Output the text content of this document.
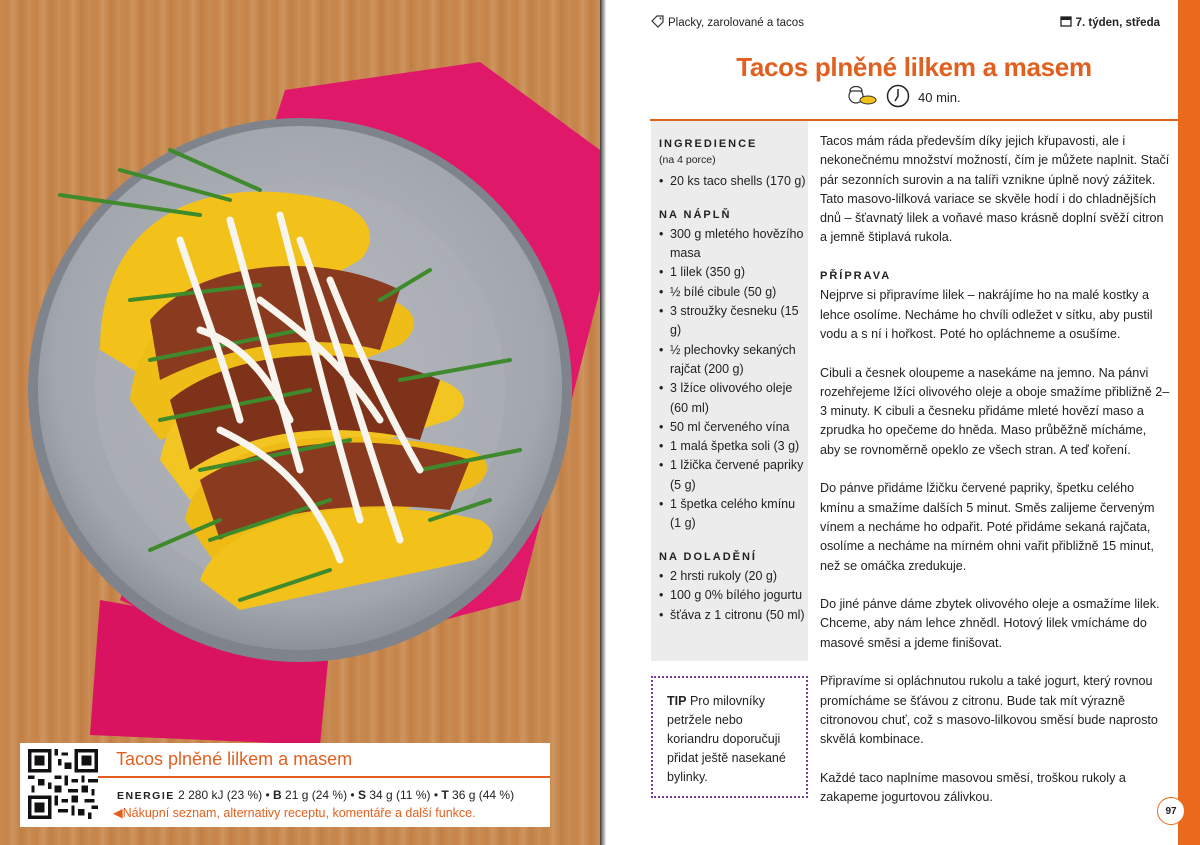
Placky, zarolované a tacos	7. týden, středa
Tacos plněné lilkem a masem
40 min.
INGREDIENCE
(na 4 porce)
• 20 ks taco shells (170 g)
NA NÁPLŇ
• 300 g mletého hovězího masa
• 1 lilek (350 g)
• ½ bílé cibule (50 g)
• 3 stroužky česneku (15 g)
• ½ plechovky sekaných rajčat (200 g)
• 3 lžíce olivového oleje (60 ml)
• 50 ml červeného vína
• 1 malá špetka soli (3 g)
• 1 lžička červené papriky (5 g)
• 1 špetka celého kmínu (1 g)
NA DOLADĚNÍ
• 2 hrsti rukoly (20 g)
• 100 g 0% bílého jogurtu
• šťáva z 1 citronu (50 ml)

Tacos mám ráda především díky jejich křupavosti, ale i nekonečnému množství možností, čím je můžete naplnit. Stačí pár sezonních surovin a na talíři vznikne úplně nový zážitek. Tato masovo-lilková variace se skvěle hodí i do chladnějších dnů – šťavnatý lilek a voňavé maso krásně doplní svěží citron a jemně štiplavá rukola.

PŘÍPRAVA

Nejprve si připravíme lilek – nakrájíme ho na malé kostky a lehce osolíme. Necháme ho chvíli odležet v sítku, aby pustil vodu a s ní i hořkost. Poté ho opláchneme a osušíme.

Cibuli a česnek oloupeme a nasekáme na jemno. Na pánvi rozehřejeme lžíci olivového oleje a oboje smažíme přibližně 2–3 minuty. K cibuli a česneku přidáme mleté hovězí maso a zprudka ho opečeme do hněda. Maso průběžně mícháme, aby se rovnoměrně opeklo ze všech stran. A teď koření.

Do pánve přidáme lžičku červené papriky, špetku celého kmínu a smažíme dalších 5 minut. Směs zalijeme červeným vínem a necháme ho odpařit. Poté přidáme sekaná rajčata, osolíme a necháme na mírném ohni vařit přibližně 15 minut, než se omáčka zredukuje.

Do jiné pánve dáme zbytek olivového oleje a osmažíme lilek. Chceme, aby nám lehce zhnědl. Hotový lilek vmícháme do masové směsi a jdeme finišovat.

Připravíme si opláchnutou rukolu a také jogurt, který rovnou promícháme se šťávou z citronu. Bude tak mít výrazně citronovou chuť, což s masovo-lilkovou směsí bude naprosto skvělá kombinace.

Každé taco naplníme masovou směsí, troškou rukoly a zakapeme jogurtovou zálivkou.

TIP Pro milovníky petržele nebo koriandru doporučuji přidat ještě nasekané bylinky.
97
Tacos plněné lilkem a masem
ENERGIE 2 280 kJ (23 %) • B 21 g (24 %) • S 34 g (11 %) • T 36 g (44 %)
◀Nákupní seznam, alternativy receptu, komentáře a další funkce.
